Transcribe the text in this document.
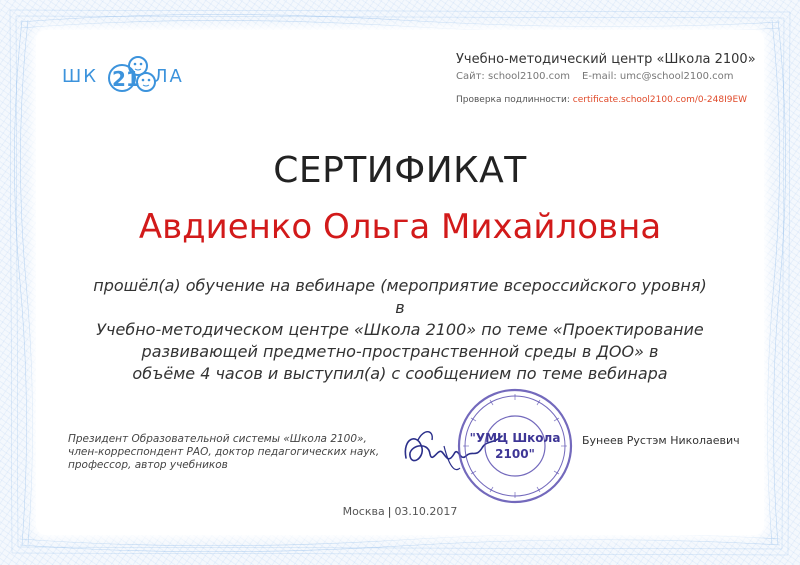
ШК 21 ЛА
Учебно-методический центр «Школа 2100»
Сайт: school2100.com E-mail: umc@school2100.com
Проверка подлинности: certificate.school2100.com/0-248I9EW
СЕРТИФИКАТ
Авдиенко Ольга Михайловна
прошёл(а) обучение на вебинаре (мероприятие всероссийского уровня) в
Учебно-методическом центре «Школа 2100» по теме «Проектирование
развивающей предметно-пространственной среды в ДОО» в
объёме 4 часов и выступил(а) с сообщением по теме вебинара
Президент Образовательной системы «Школа 2100»,
член-корреспондент РАО, доктор педагогических наук,
профессор, автор учебников
"УМЦ Школа
2100"
Бунеев Рустэм Николаевич
Москва | 03.10.2017
